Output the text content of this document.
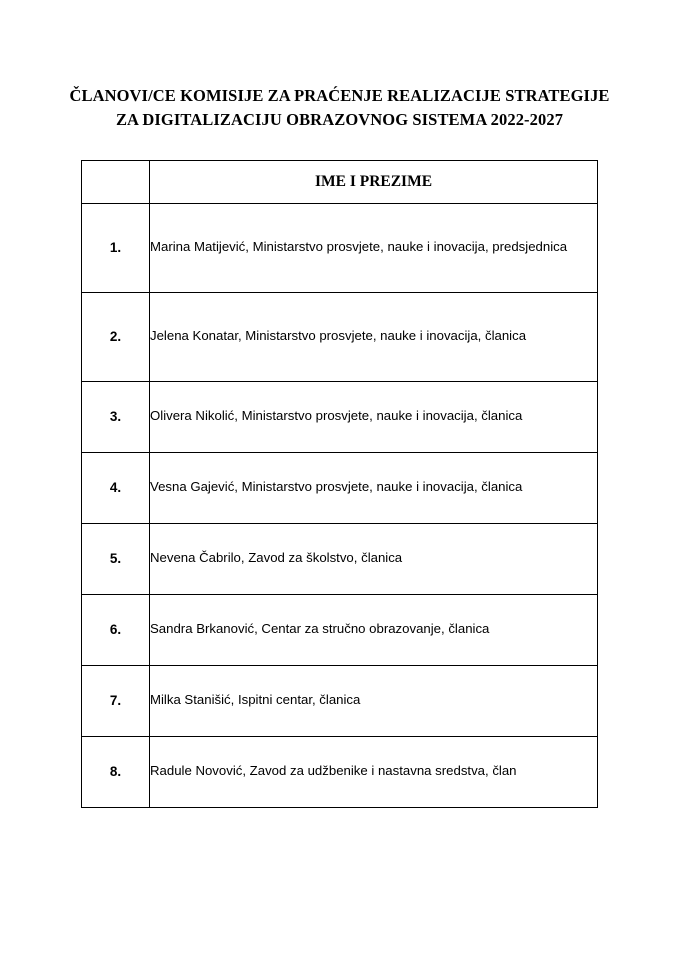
ČLANOVI/CE KOMISIJE ZA PRAĆENJE REALIZACIJE STRATEGIJE
ZA DIGITALIZACIJU OBRAZOVNOG SISTEMA 2022-2027
	IME I PREZIME
1.	Marina Matijević, Ministarstvo prosvjete, nauke i inovacija, predsjednica
2.	Jelena Konatar, Ministarstvo prosvjete, nauke i inovacija, članica
3.	Olivera Nikolić, Ministarstvo prosvjete, nauke i inovacija, članica
4.	Vesna Gajević, Ministarstvo prosvjete, nauke i inovacija, članica
5.	Nevena Čabrilo, Zavod za školstvo, članica
6.	Sandra Brkanović, Centar za stručno obrazovanje, članica
7.	Milka Stanišić, Ispitni centar, članica
8.	Radule Novović, Zavod za udžbenike i nastavna sredstva, član
